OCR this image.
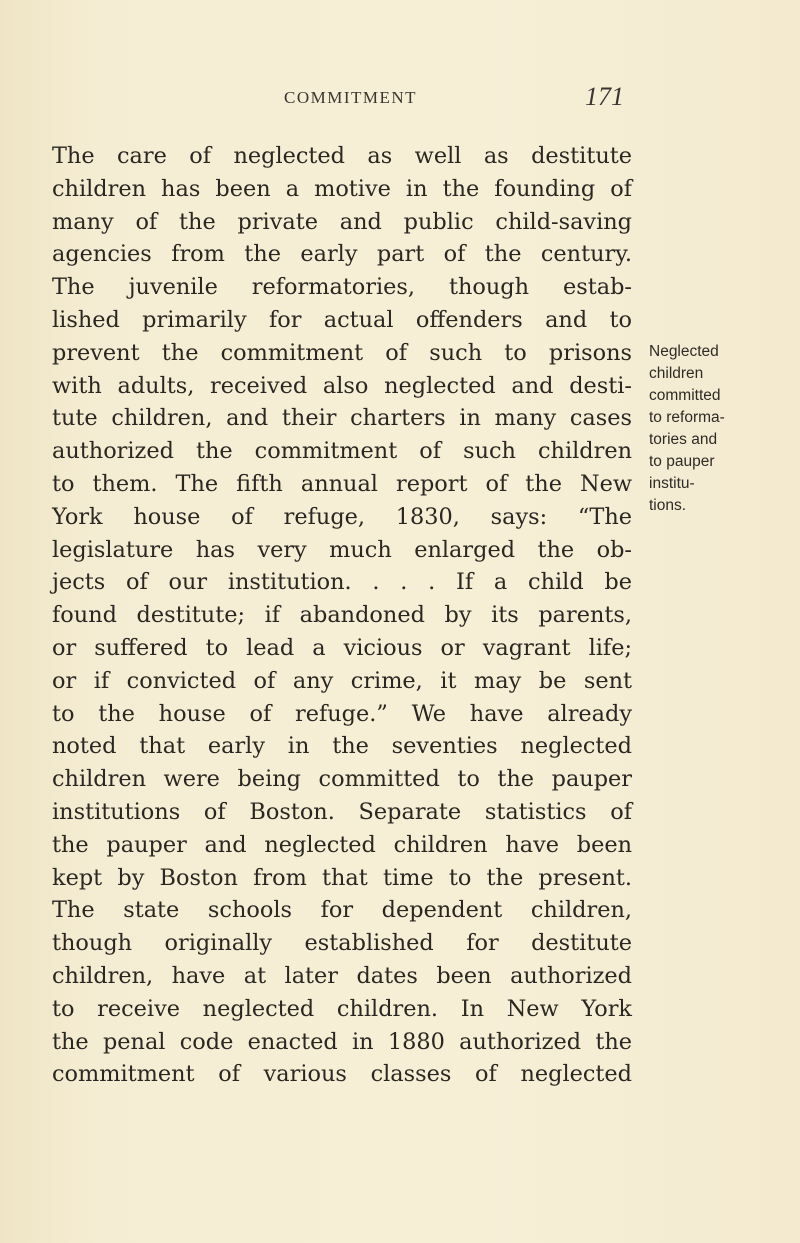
COMMITMENT	171
The care of neglected as well as destitute
children has been a motive in the founding of
many of the private and public child-saving
agencies from the early part of the century.
The juvenile reformatories, though estab-
lished primarily for actual offenders and to
prevent the commitment of such to prisons
with adults, received also neglected and desti-
tute children, and their charters in many cases
authorized the commitment of such children
to them. The fifth annual report of the New
York house of refuge, 1830, says: “The
legislature has very much enlarged the ob-
jects of our institution. . . . If a child be
found destitute; if abandoned by its parents,
or suffered to lead a vicious or vagrant life;
or if convicted of any crime, it may be sent
to the house of refuge.” We have already
noted that early in the seventies neglected
children were being committed to the pauper
institutions of Boston. Separate statistics of
the pauper and neglected children have been
kept by Boston from that time to the present.
The state schools for dependent children,
though originally established for destitute
children, have at later dates been authorized
to receive neglected children. In New York
the penal code enacted in 1880 authorized the
commitment of various classes of neglected
Neglected
children
committed
to reforma-
tories and
to pauper
institu-
tions.
